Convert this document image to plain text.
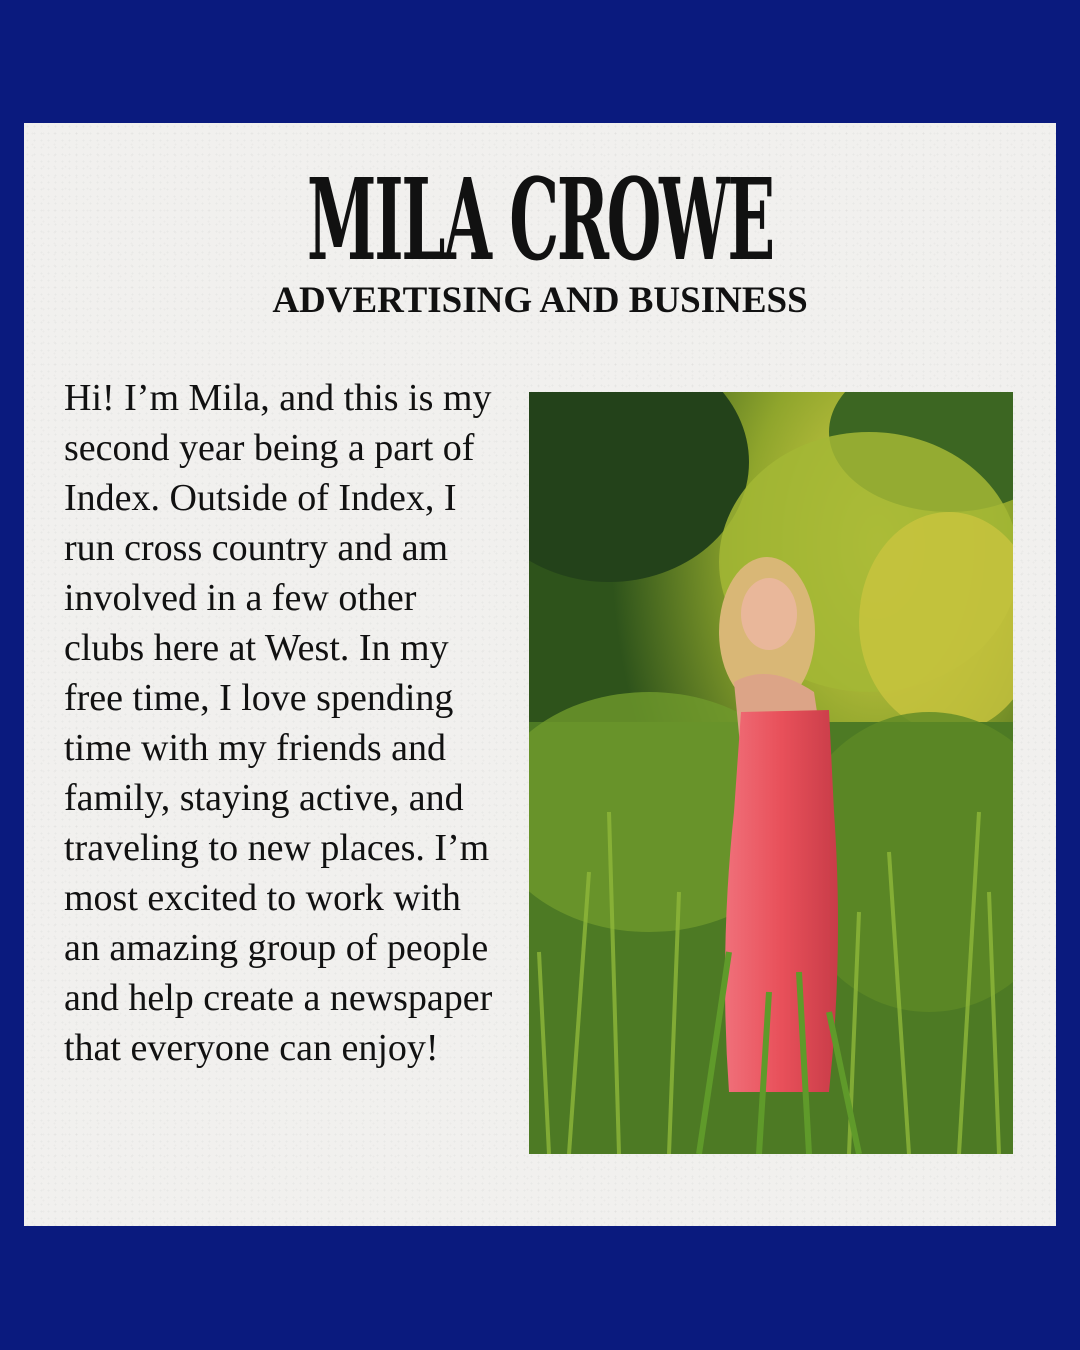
MILA CROWE
ADVERTISING AND BUSINESS

Hi! I’m Mila, and this is my second year being a part of Index. Outside of Index, I run cross country and am involved in a few other clubs here at West. In my free time, I love spending time with my friends and family, staying active, and traveling to new places. I’m most excited to work with an amazing group of people and help create a newspaper that everyone can enjoy!
